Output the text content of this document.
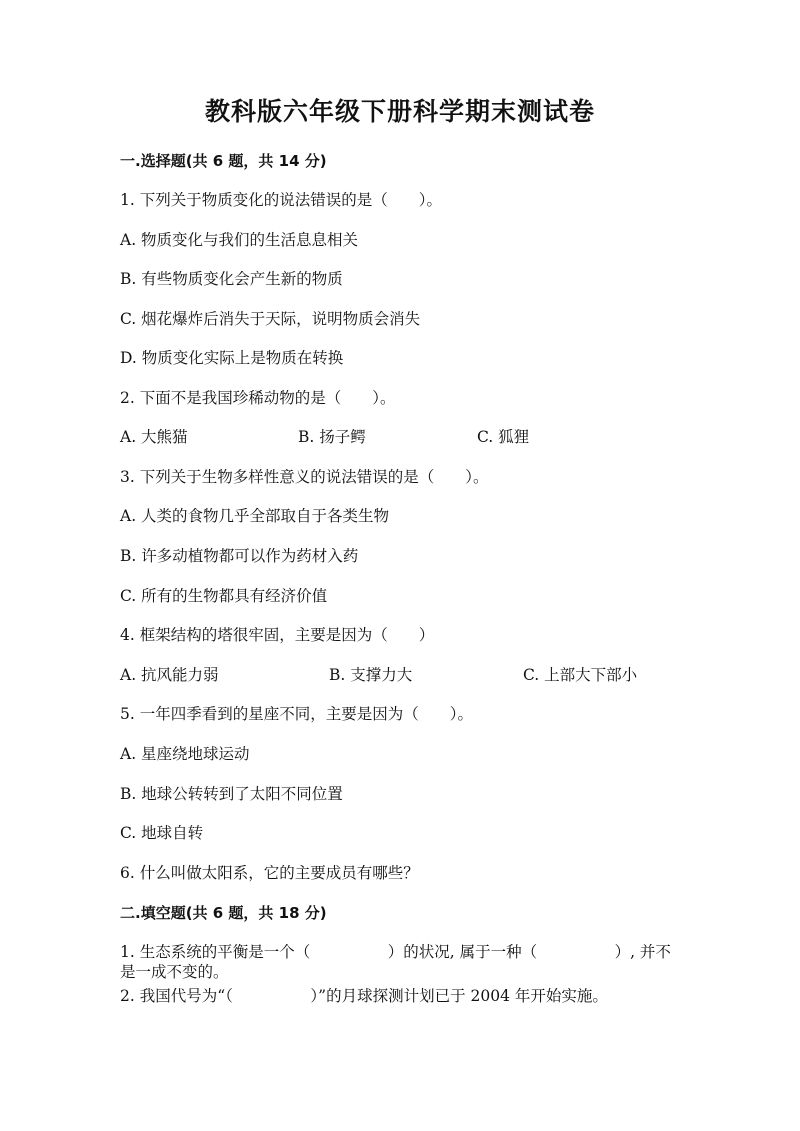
教科版六年级下册科学期末测试卷
一.选择题(共 6 题，共 14 分)
1. 下列关于物质变化的说法错误的是（　　）。
A. 物质变化与我们的生活息息相关
B. 有些物质变化会产生新的物质
C. 烟花爆炸后消失于天际，说明物质会消失
D. 物质变化实际上是物质在转换
2. 下面不是我国珍稀动物的是（　　）。
A. 大熊猫	B. 扬子鳄	C. 狐狸
3. 下列关于生物多样性意义的说法错误的是（　　）。
A. 人类的食物几乎全部取自于各类生物
B. 许多动植物都可以作为药材入药
C. 所有的生物都具有经济价值
4. 框架结构的塔很牢固，主要是因为（　　）
A. 抗风能力弱	B. 支撑力大	C. 上部大下部小
5. 一年四季看到的星座不同，主要是因为（　　）。
A. 星座绕地球运动
B. 地球公转转到了太阳不同位置
C. 地球自转
6. 什么叫做太阳系，它的主要成员有哪些？
二.填空题(共 6 题，共 18 分)
1. 生态系统的平衡是一个（　　　　　）的状况, 属于一种（　　　　　）, 并不是一成不变的。
2. 我国代号为“（　　　　　）”的月球探测计划已于 2004 年开始实施。
